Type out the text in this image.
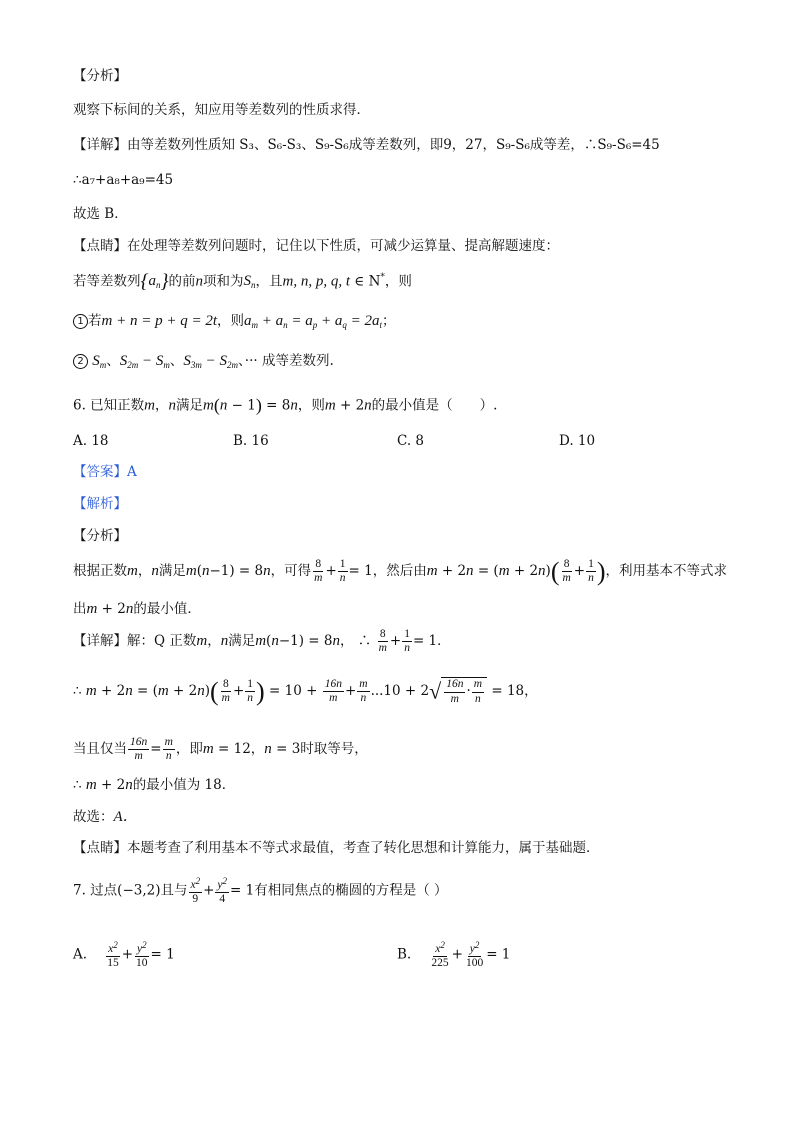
【分析】
观察下标间的关系，知应用等差数列的性质求得．
【详解】由等差数列性质知 S₃、S₆-S₃、S₉-S₆成等差数列，即9，27，S₉-S₆成等差，∴S₉-S₆=45
∴a₇+a₈+a₉=45
故选 B．
【点睛】在处理等差数列问题时，记住以下性质，可减少运算量、提高解题速度：
若等差数列$\{a_n\}$的前n项和为$S_n$，且m, n, p, q, t ∈ N*，则
1 若m + n = p + q = 2t，则$a_m + a_n = a_p + a_q = 2a_t$；
2 $S_m$、$S_{2m} - S_m$、$S_{3m} - S_{2m}$、··· 成等差数列.
6. 已知正数m，n满足m(n − 1) = 8n，则m + 2n的最小值是（　　）.
A. 18	B. 16	C. 8	D. 10
【答案】A
【解析】
【分析】
根据正数m，n满足m(n−1) = 8n，可得 $\frac{8}{m} + \frac{1}{n} = 1$，然后由$m + 2n = (m + 2n)( \frac{8}{m} + \frac{1}{n}$ )，利用基本不等式求
出m + 2n的最小值．
【详解】解：Q 正数m，n满足m(n−1) = 8n， ∴ $\frac{8}{m} + \frac{1}{n} = 1$．
∴ $m + 2n = (m + 2n)( \frac{8}{m} + \frac{1}{n}$ ) = $10 + \frac{16n}{m} + \frac{m}{n} ...10 + 2√ \frac{16n}{m} \cdot \frac{m}{n} = 18$，
当且仅当 $\frac{16n}{m} = \frac{m}{n}$ ，即m = 12，n = 3时取等号，
∴ m + 2n的最小值为 18．
故选：A．
【点睛】本题考查了利用基本不等式求最值，考查了转化思想和计算能力，属于基础题．
7. 过点(−3,2)且与 $\frac{x^2}{9} + \frac{y^2}{4} = 1$有相同焦点的椭圆的方程是（ ）
A. $\frac{x^2}{15} + \frac{y^2}{10} = 1$	B. $\frac{x^2}{225} + \frac{y^2}{100} = 1$
